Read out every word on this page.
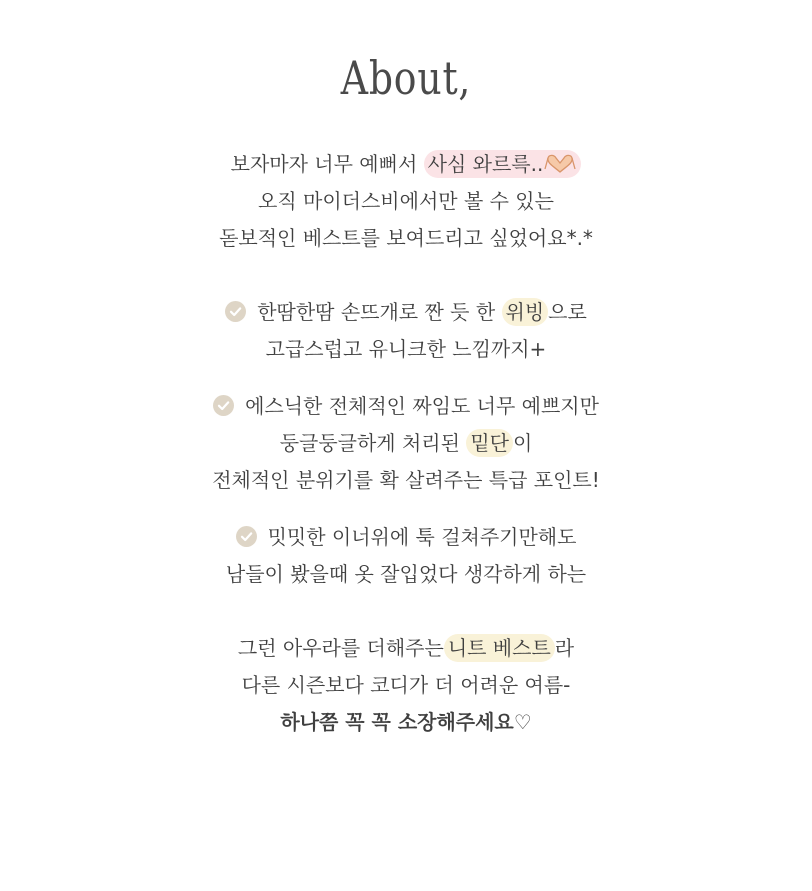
About,
보자마자 너무 예뻐서 사심 와르륵..
오직 마이더스비에서만 볼 수 있는
돋보적인 베스트를 보여드리고 싶었어요*.*
한땀한땀 손뜨개로 짠 듯 한 위빙 으로
고급스럽고 유니크한 느낌까지+
에스닉한 전체적인 짜임도 너무 예쁘지만
둥글둥글하게 처리된 밑단 이
전체적인 분위기를 확 살려주는 특급 포인트!
밋밋한 이너위에 툭 걸쳐주기만해도
남들이 봤을때 옷 잘입었다 생각하게 하는
그런 아우라를 더해주는 니트 베스트 라
다른 시즌보다 코디가 더 어려운 여름-
하나쯤 꼭 꼭 소장해주세요♡
